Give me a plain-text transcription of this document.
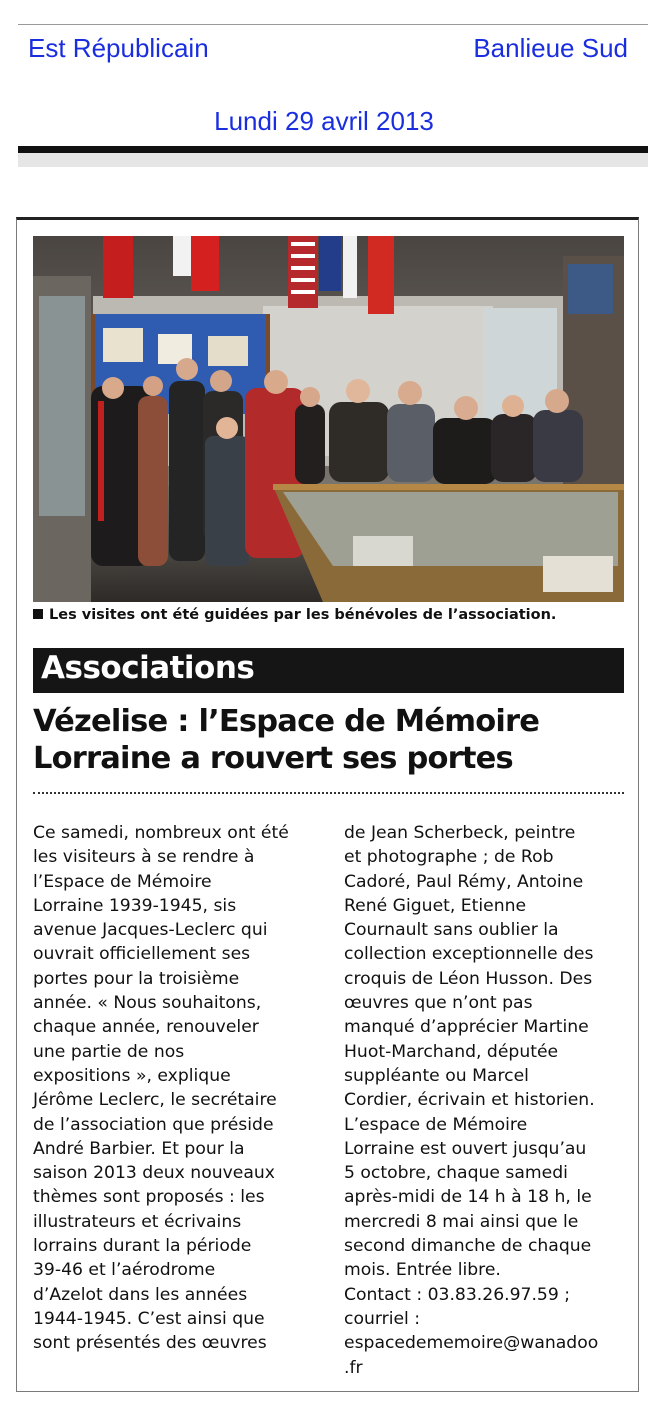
Est Républicain	Banlieue Sud
Lundi 29 avril 2013
Les visites ont été guidées par les bénévoles de l’association.
Associations
Vézelise : l’Espace de Mémoire
Lorraine a rouvert ses portes
Ce samedi, nombreux ont été
les visiteurs à se rendre à
l’Espace de Mémoire
Lorraine 1939-1945, sis
avenue Jacques-Leclerc qui
ouvrait officiellement ses
portes pour la troisième
année. « Nous souhaitons,
chaque année, renouveler
une partie de nos
expositions », explique
Jérôme Leclerc, le secrétaire
de l’association que préside
André Barbier. Et pour la
saison 2013 deux nouveaux
thèmes sont proposés : les
illustrateurs et écrivains
lorrains durant la période
39-46 et l’aérodrome
d’Azelot dans les années
1944-1945. C’est ainsi que
sont présentés des œuvres
de Jean Scherbeck, peintre
et photographe ; de Rob
Cadoré, Paul Rémy, Antoine
René Giguet, Etienne
Cournault sans oublier la
collection exceptionnelle des
croquis de Léon Husson. Des
œuvres que n’ont pas
manqué d’apprécier Martine
Huot-Marchand, députée
suppléante ou Marcel
Cordier, écrivain et historien.
L’espace de Mémoire
Lorraine est ouvert jusqu’au
5 octobre, chaque samedi
après-midi de 14 h à 18 h, le
mercredi 8 mai ainsi que le
second dimanche de chaque
mois. Entrée libre.
Contact : 03.83.26.97.59 ;
courriel :
espacedememoire@wanadoo
.fr
